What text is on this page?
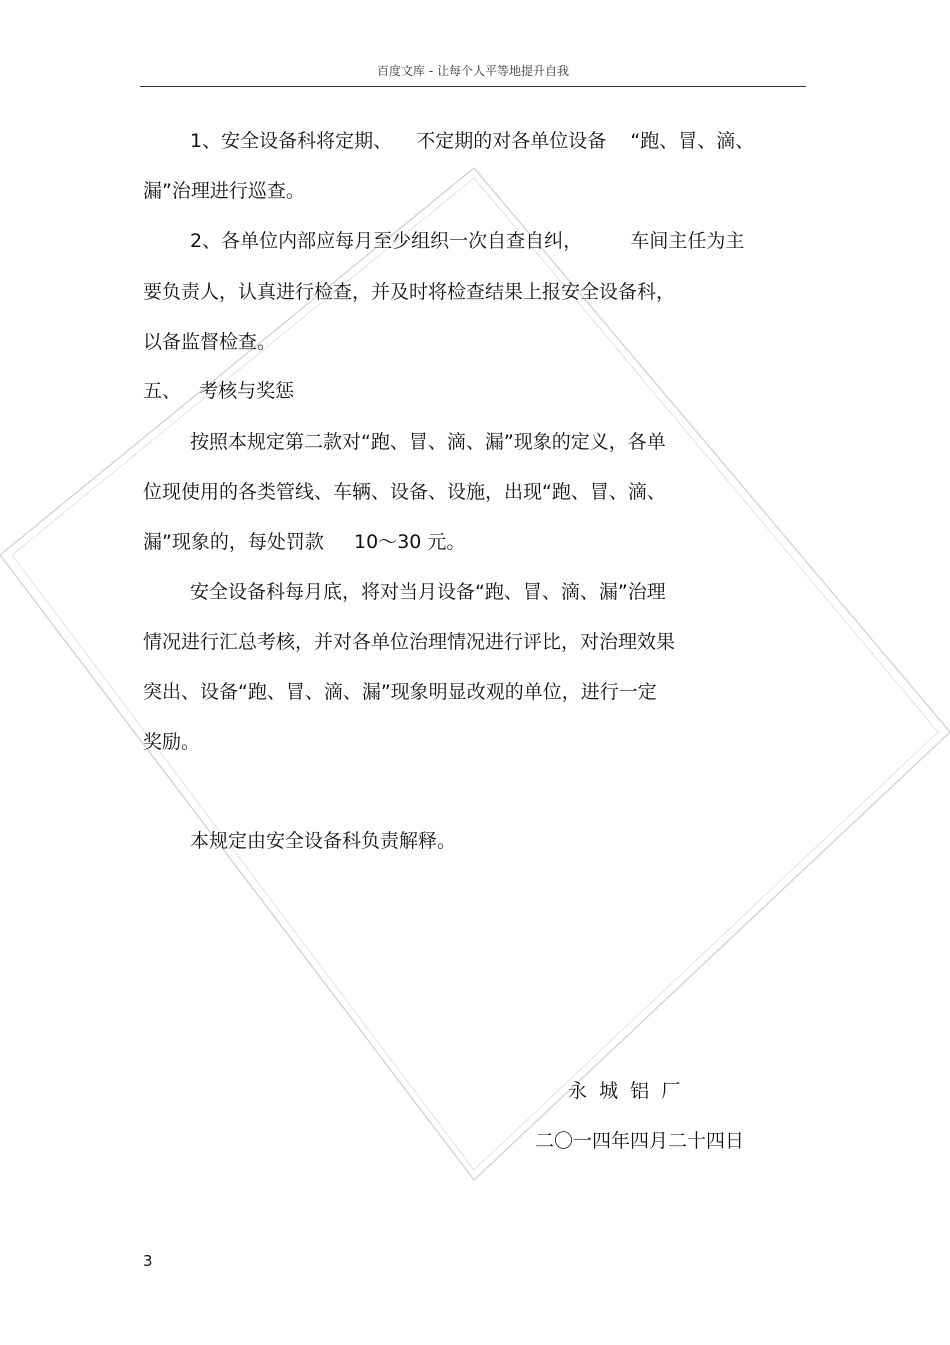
百度文库 - 让每个人平等地提升自我
1、安全设备科将定期、    不定期的对各单位设备    “跑、冒、滴、
漏”治理进行巡查。
2、各单位内部应每月至少组织一次自查自纠，        车间主任为主
要负责人，认真进行检查，并及时将检查结果上报安全设备科，
以备监督检查。
五、   考核与奖惩
按照本规定第二款对“跑、冒、滴、漏”现象的定义，各单
位现使用的各类管线、车辆、设备、设施，出现“跑、冒、滴、
漏”现象的，每处罚款     10～30 元。
安全设备科每月底，将对当月设备“跑、冒、滴、漏”治理
情况进行汇总考核，并对各单位治理情况进行评比，对治理效果
突出、设备“跑、冒、滴、漏”现象明显改观的单位，进行一定
奖励。
本规定由安全设备科负责解释。
永  城  铝  厂
二〇一四年四月二十四日
3
